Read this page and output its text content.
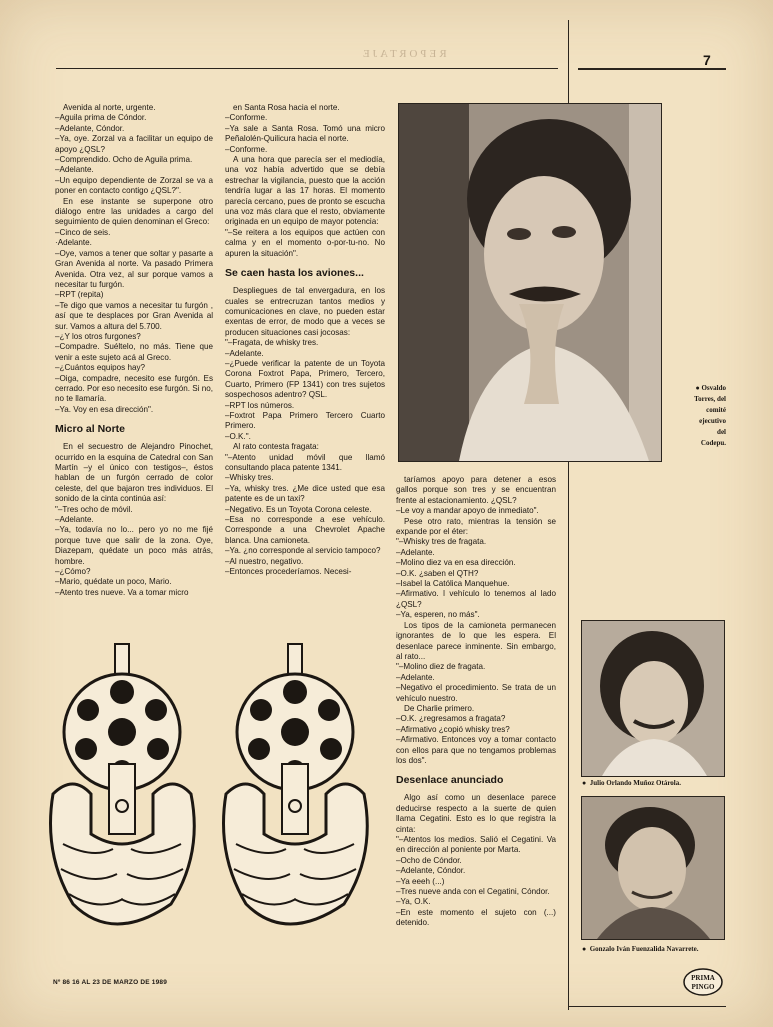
REPORTAJE	7

Avenida al norte, urgente.

–Aguila prima de Cóndor.

–Adelante, Cóndor.

–Ya, oye. Zorzal va a facilitar un equipo de apoyo ¿QSL?

–Comprendido. Ocho de Aguila prima.

–Adelante.

–Un equipo dependiente de Zorzal se va a poner en contacto contigo ¿QSL?".

En ese instante se superpone otro diálogo entre las unidades a cargo del seguimiento de quien denominan el Greco:

–Cinco de seis.

·Adelante.

–Oye, vamos a tener que soltar y pasarte a Gran Avenida al norte. Va pasado Primera Avenida. Otra vez, al sur porque vamos a necesitar tu furgón.

–RPT (repita)

–Te digo que vamos a necesitar tu furgón , así que te desplaces por Gran Avenida al sur. Vamos a altura del 5.700.

–¿Y los otros furgones?

–Compadre. Suéltelo, no más. Tiene que venir a este sujeto acá al Greco.

–¿Cuántos equipos hay?

–Oiga, compadre, necesito ese furgón. Es cerrado. Por eso necesito ese furgón. Si no, no te llamaría.

–Ya. Voy en esa dirección".

Micro al Norte

En el secuestro de Alejandro Pinochet, ocurrido en la esquina de Catedral con San Martín –y el único con testigos–, éstos hablan de un furgón cerrado de color celeste, del que bajaron tres individuos. El sonido de la cinta continúa así:

"–Tres ocho de móvil.

–Adelante.

–Ya, todavía no lo... pero yo no me fijé porque tuve que salir de la zona. Oye, Diazepam, quédate un poco más atrás, hombre.

–¿Cómo?

–Mario, quédate un poco, Mario.

–Atento tres nueve. Va a tomar micro

en Santa Rosa hacia el norte.

–Conforme.

–Ya sale a Santa Rosa. Tomó una micro Peñalolén-Quilicura hacia el norte.

–Conforme.

A una hora que parecía ser el mediodía, una voz había advertido que se debía estrechar la vigilancia, puesto que la acción tendría lugar a las 17 horas. El momento parecía cercano, pues de pronto se escucha una voz más clara que el resto, obviamente originada en un equipo de mayor potencia:

"–Se reitera a los equipos que actúen con calma y en el momento o-por-tu-no. No apuren la situación".

Se caen hasta los aviones...

Despliegues de tal envergadura, en los cuales se entrecruzan tantos medios y comunicaciones en clave, no pueden estar exentas de error, de modo que a veces se producen situaciones casi jocosas:

"–Fragata, de whisky tres.

–Adelante.

–¿Puede verificar la patente de un Toyota Corona Foxtrot Papa, Primero, Tercero, Cuarto, Primero (FP 1341) con tres sujetos sospechosos adentro? QSL.

–RPT los números.

–Foxtrot Papa Primero Tercero Cuarto Primero.

–O.K.".

Al rato contesta fragata:

"–Atento unidad móvil que llamó consultando placa patente 1341.

–Whisky tres.

–Ya, whisky tres. ¿Me dice usted que esa patente es de un taxi?

–Negativo. Es un Toyota Corona celeste.

–Esa no corresponde a ese vehículo. Corresponde a una Chevrolet Apache blanca. Una camioneta.

–Ya. ¿no corresponde al servicio tampoco?

–Al nuestro, negativo.

–Entonces procederíamos. Necesi-

taríamos apoyo para detener a esos gallos porque son tres y se encuentran frente al estacionamiento. ¿QSL?

–Le voy a mandar apoyo de inmediato".

Pese otro rato, mientras la tensión se expande por el éter:

"–Whisky tres de fragata.

–Adelante.

–Molino diez va en esa dirección.

–O.K. ¿saben el QTH?

–Isabel la Católica Manquehue.

–Afirmativo. l vehículo lo tenemos al lado ¿QSL?

–Ya, esperen, no más".

Los tipos de la camioneta permanecen ignorantes de lo que les espera. El desenlace parece inminente. Sin embargo, al rato...

"–Molino diez de fragata.

–Adelante.

–Negativo el procedimiento. Se trata de un vehículo nuestro.

De Charlie primero.

–O.K. ¿regresamos a fragata?

–Afirmativo ¿copió whisky tres?

–Afirmativo. Entonces voy a tomar contacto con ellos para que no tengamos problemas los dos".

Desenlace anunciado

Algo así como un desenlace parece deducirse respecto a la suerte de quien llama Cegatini. Esto es lo que registra la cinta:

"–Atentos los medios. Salió el Cegatini. Va en dirección al poniente por Marta.

–Ocho de Cóndor.

–Adelante, Cóndor.

–Ya eeeh (...)

–Tres nueve anda con el Cegatini, Cóndor.

–Ya, O.K.

–En este momento el sujeto con (...) detenido.

● Osvaldo
Torres, del
comité
ejecutivo
del
Codepu.
● Julio Orlando Muñoz Otárola.
● Gonzalo Iván Fuenzalida Navarrete.
Nº 86 16 AL 23 DE MARZO DE 1989
PRIMA
PINGO
